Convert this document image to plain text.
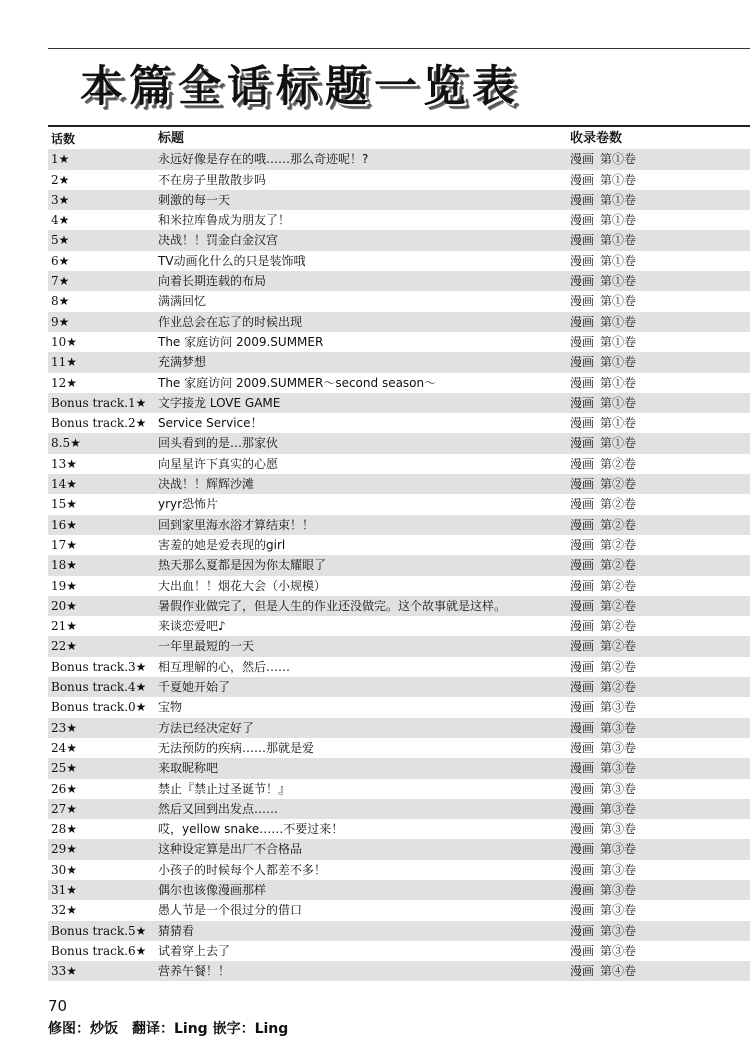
本篇全话标题一览表
话数	标题	收录卷数
1★	永远好像是存在的哦……那么奇迹呢！?	漫画 第①卷
2★	不在房子里散散步吗	漫画 第①卷
3★	刺激的每一天	漫画 第①卷
4★	和米拉库鲁成为朋友了！	漫画 第①卷
5★	决战！！罚金白金汉宫	漫画 第①卷
6★	TV动画化什么的只是装饰哦	漫画 第①卷
7★	向着长期连载的布局	漫画 第①卷
8★	满满回忆	漫画 第①卷
9★	作业总会在忘了的时候出现	漫画 第①卷
10★	The 家庭访问 2009.SUMMER	漫画 第①卷
11★	充满梦想	漫画 第①卷
12★	The 家庭访问 2009.SUMMER～second season～	漫画 第①卷
Bonus track.1★ 文字接龙 LOVE GAME	漫画 第①卷
Bonus track.2★ Service Service！	漫画 第①卷
8.5★	回头看到的是…那家伙	漫画 第①卷
13★	向星星许下真实的心愿	漫画 第②卷
14★	决战！！辉辉沙滩	漫画 第②卷
15★	yryr恐怖片	漫画 第②卷
16★	回到家里海水浴才算结束！！	漫画 第②卷
17★	害羞的她是爱表现的girl	漫画 第②卷
18★	热天那么夏都是因为你太耀眼了	漫画 第②卷
19★	大出血！！烟花大会（小规模）	漫画 第②卷
20★	暑假作业做完了，但是人生的作业还没做完。这个故事就是这样。	漫画 第②卷
21★	来谈恋爱吧♪	漫画 第②卷
22★	一年里最短的一天	漫画 第②卷
Bonus track.3★ 相互理解的心，然后……	漫画 第②卷
Bonus track.4★ 千夏她开始了	漫画 第②卷
Bonus track.0★ 宝物	漫画 第③卷
23★	方法已经决定好了	漫画 第③卷
24★	无法预防的疾病……那就是爱	漫画 第③卷
25★	来取昵称吧	漫画 第③卷
26★	禁止『禁止过圣诞节！』	漫画 第③卷
27★	然后又回到出发点……	漫画 第③卷
28★	哎，yellow snake……不要过来！	漫画 第③卷
29★	这种设定算是出厂不合格品	漫画 第③卷
30★	小孩子的时候每个人都差不多！	漫画 第③卷
31★	偶尔也该像漫画那样	漫画 第③卷
32★	愚人节是一个很过分的借口	漫画 第③卷
Bonus track.5★ 猜猜看	漫画 第③卷
Bonus track.6★ 试着穿上去了	漫画 第③卷
33★	营养午餐！！	漫画 第④卷
70
修图：炒饭　翻译：Ling 嵌字：Ling
